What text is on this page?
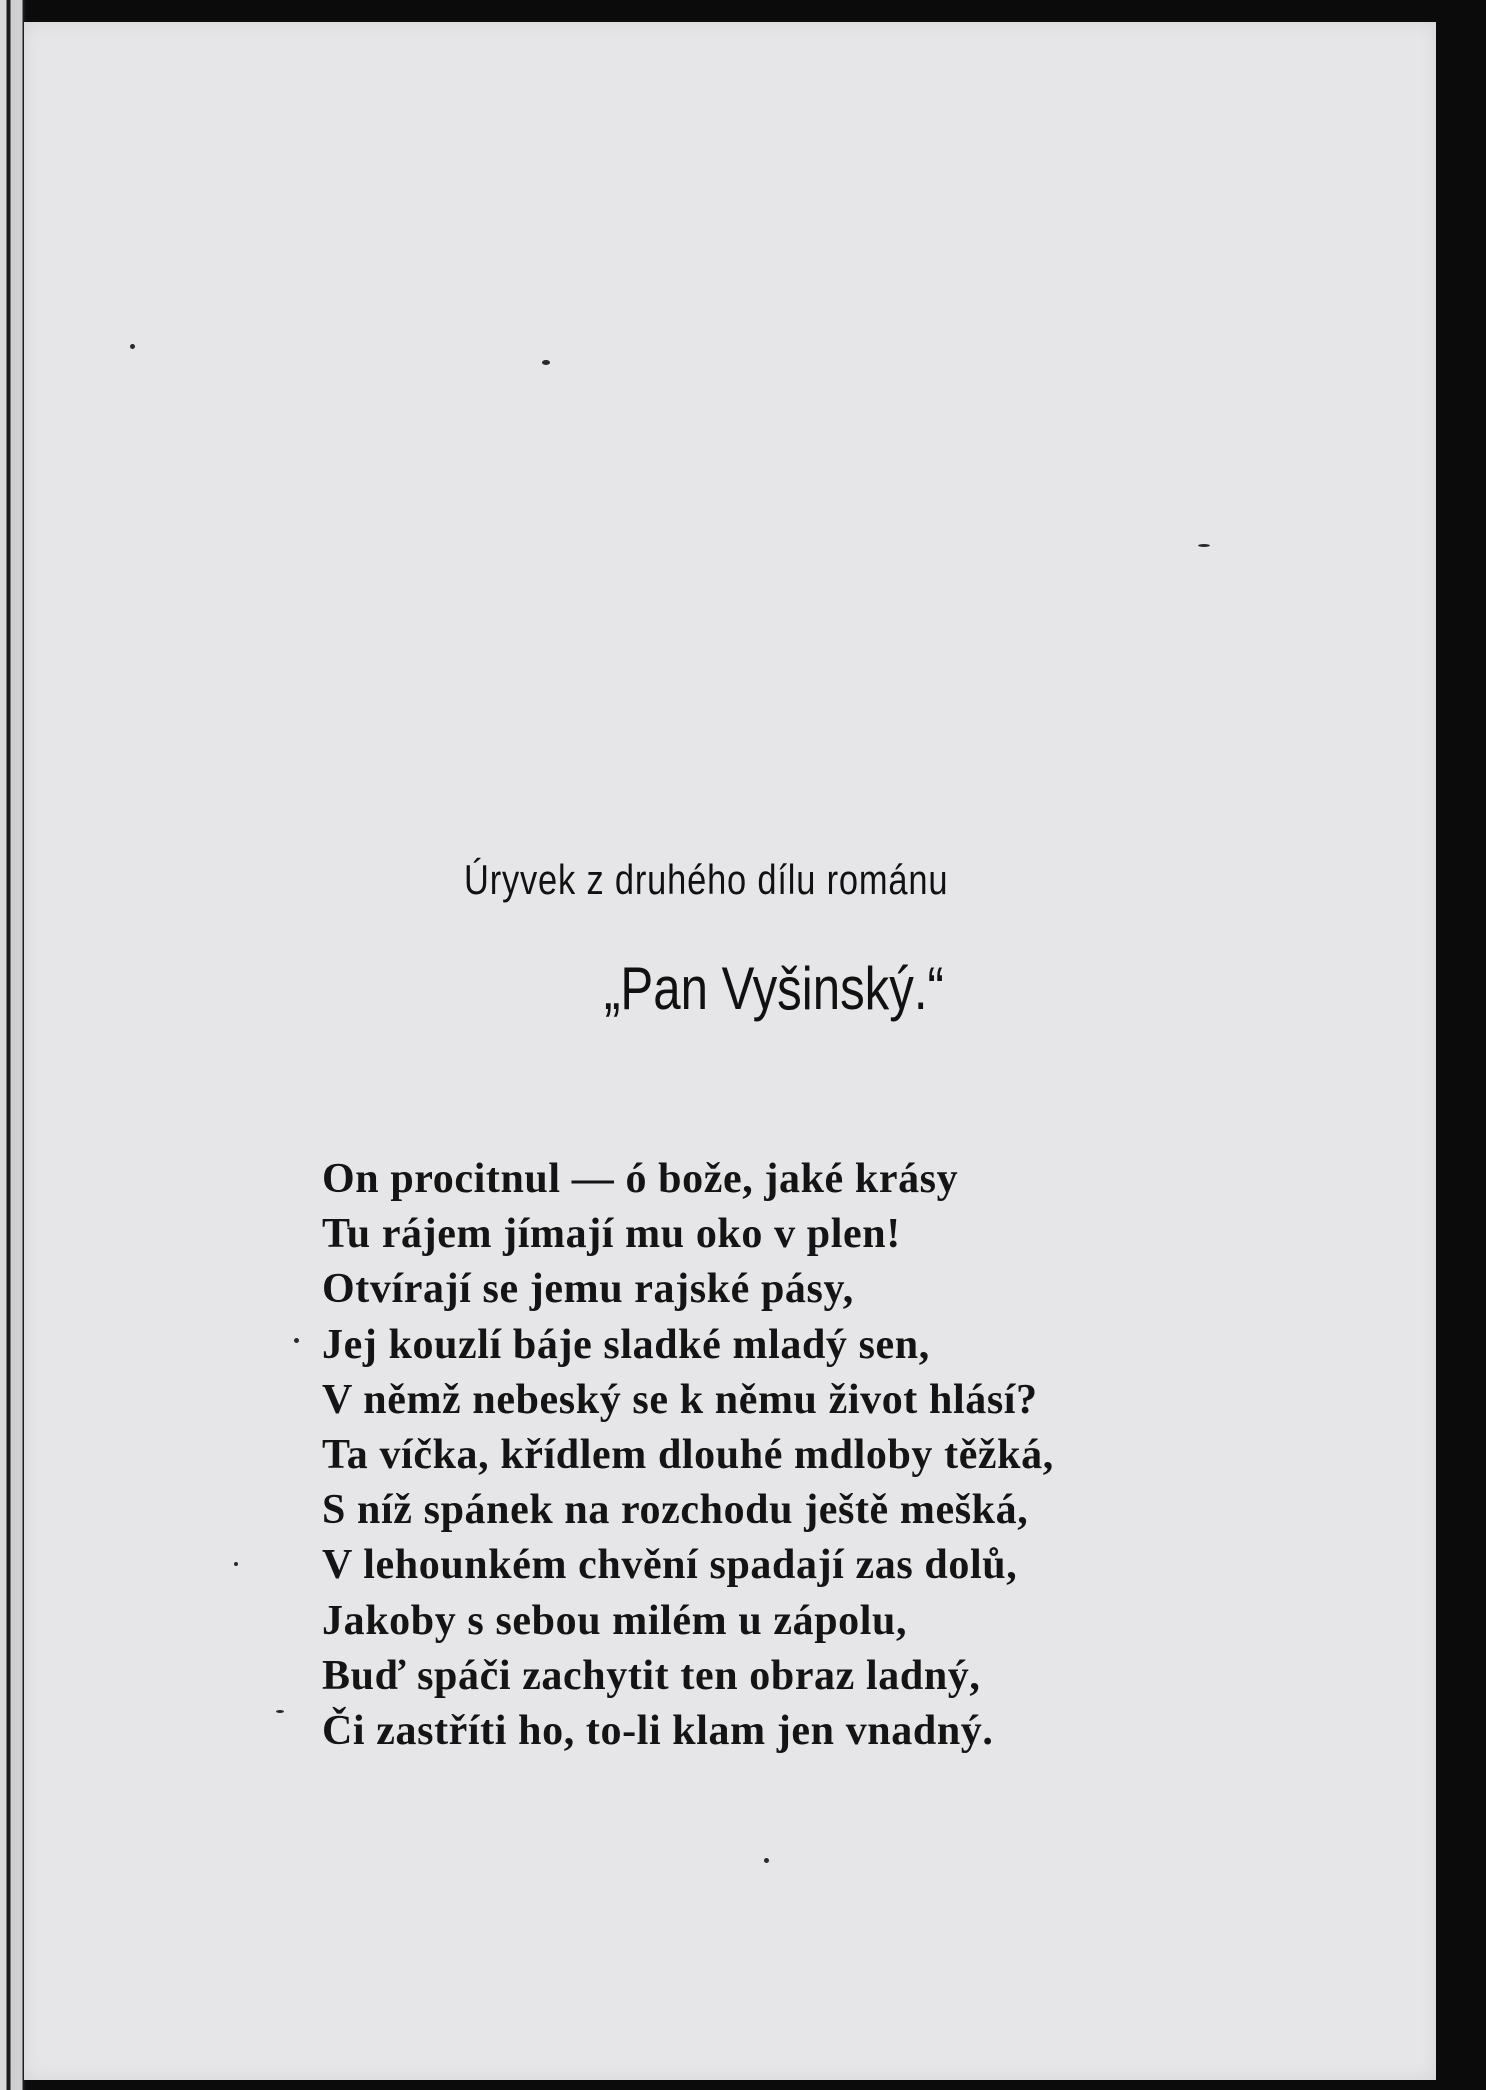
Úryvek z druhého dílu románu
„Pan Vyšinský.“
On procitnul — ó bože, jaké krásy
Tu rájem jímají mu oko v plen!
Otvírají se jemu rajské pásy,
Jej kouzlí báje sladké mladý sen,
V němž nebeský se k němu život hlásí?
Ta víčka, křídlem dlouhé mdloby těžká,
S níž spánek na rozchodu ještě mešká,
V lehounkém chvění spadají zas dolů,
Jakoby s sebou milém u zápolu,
Buď spáči zachytit ten obraz ladný,
Či zastříti ho, to-li klam jen vnadný.
